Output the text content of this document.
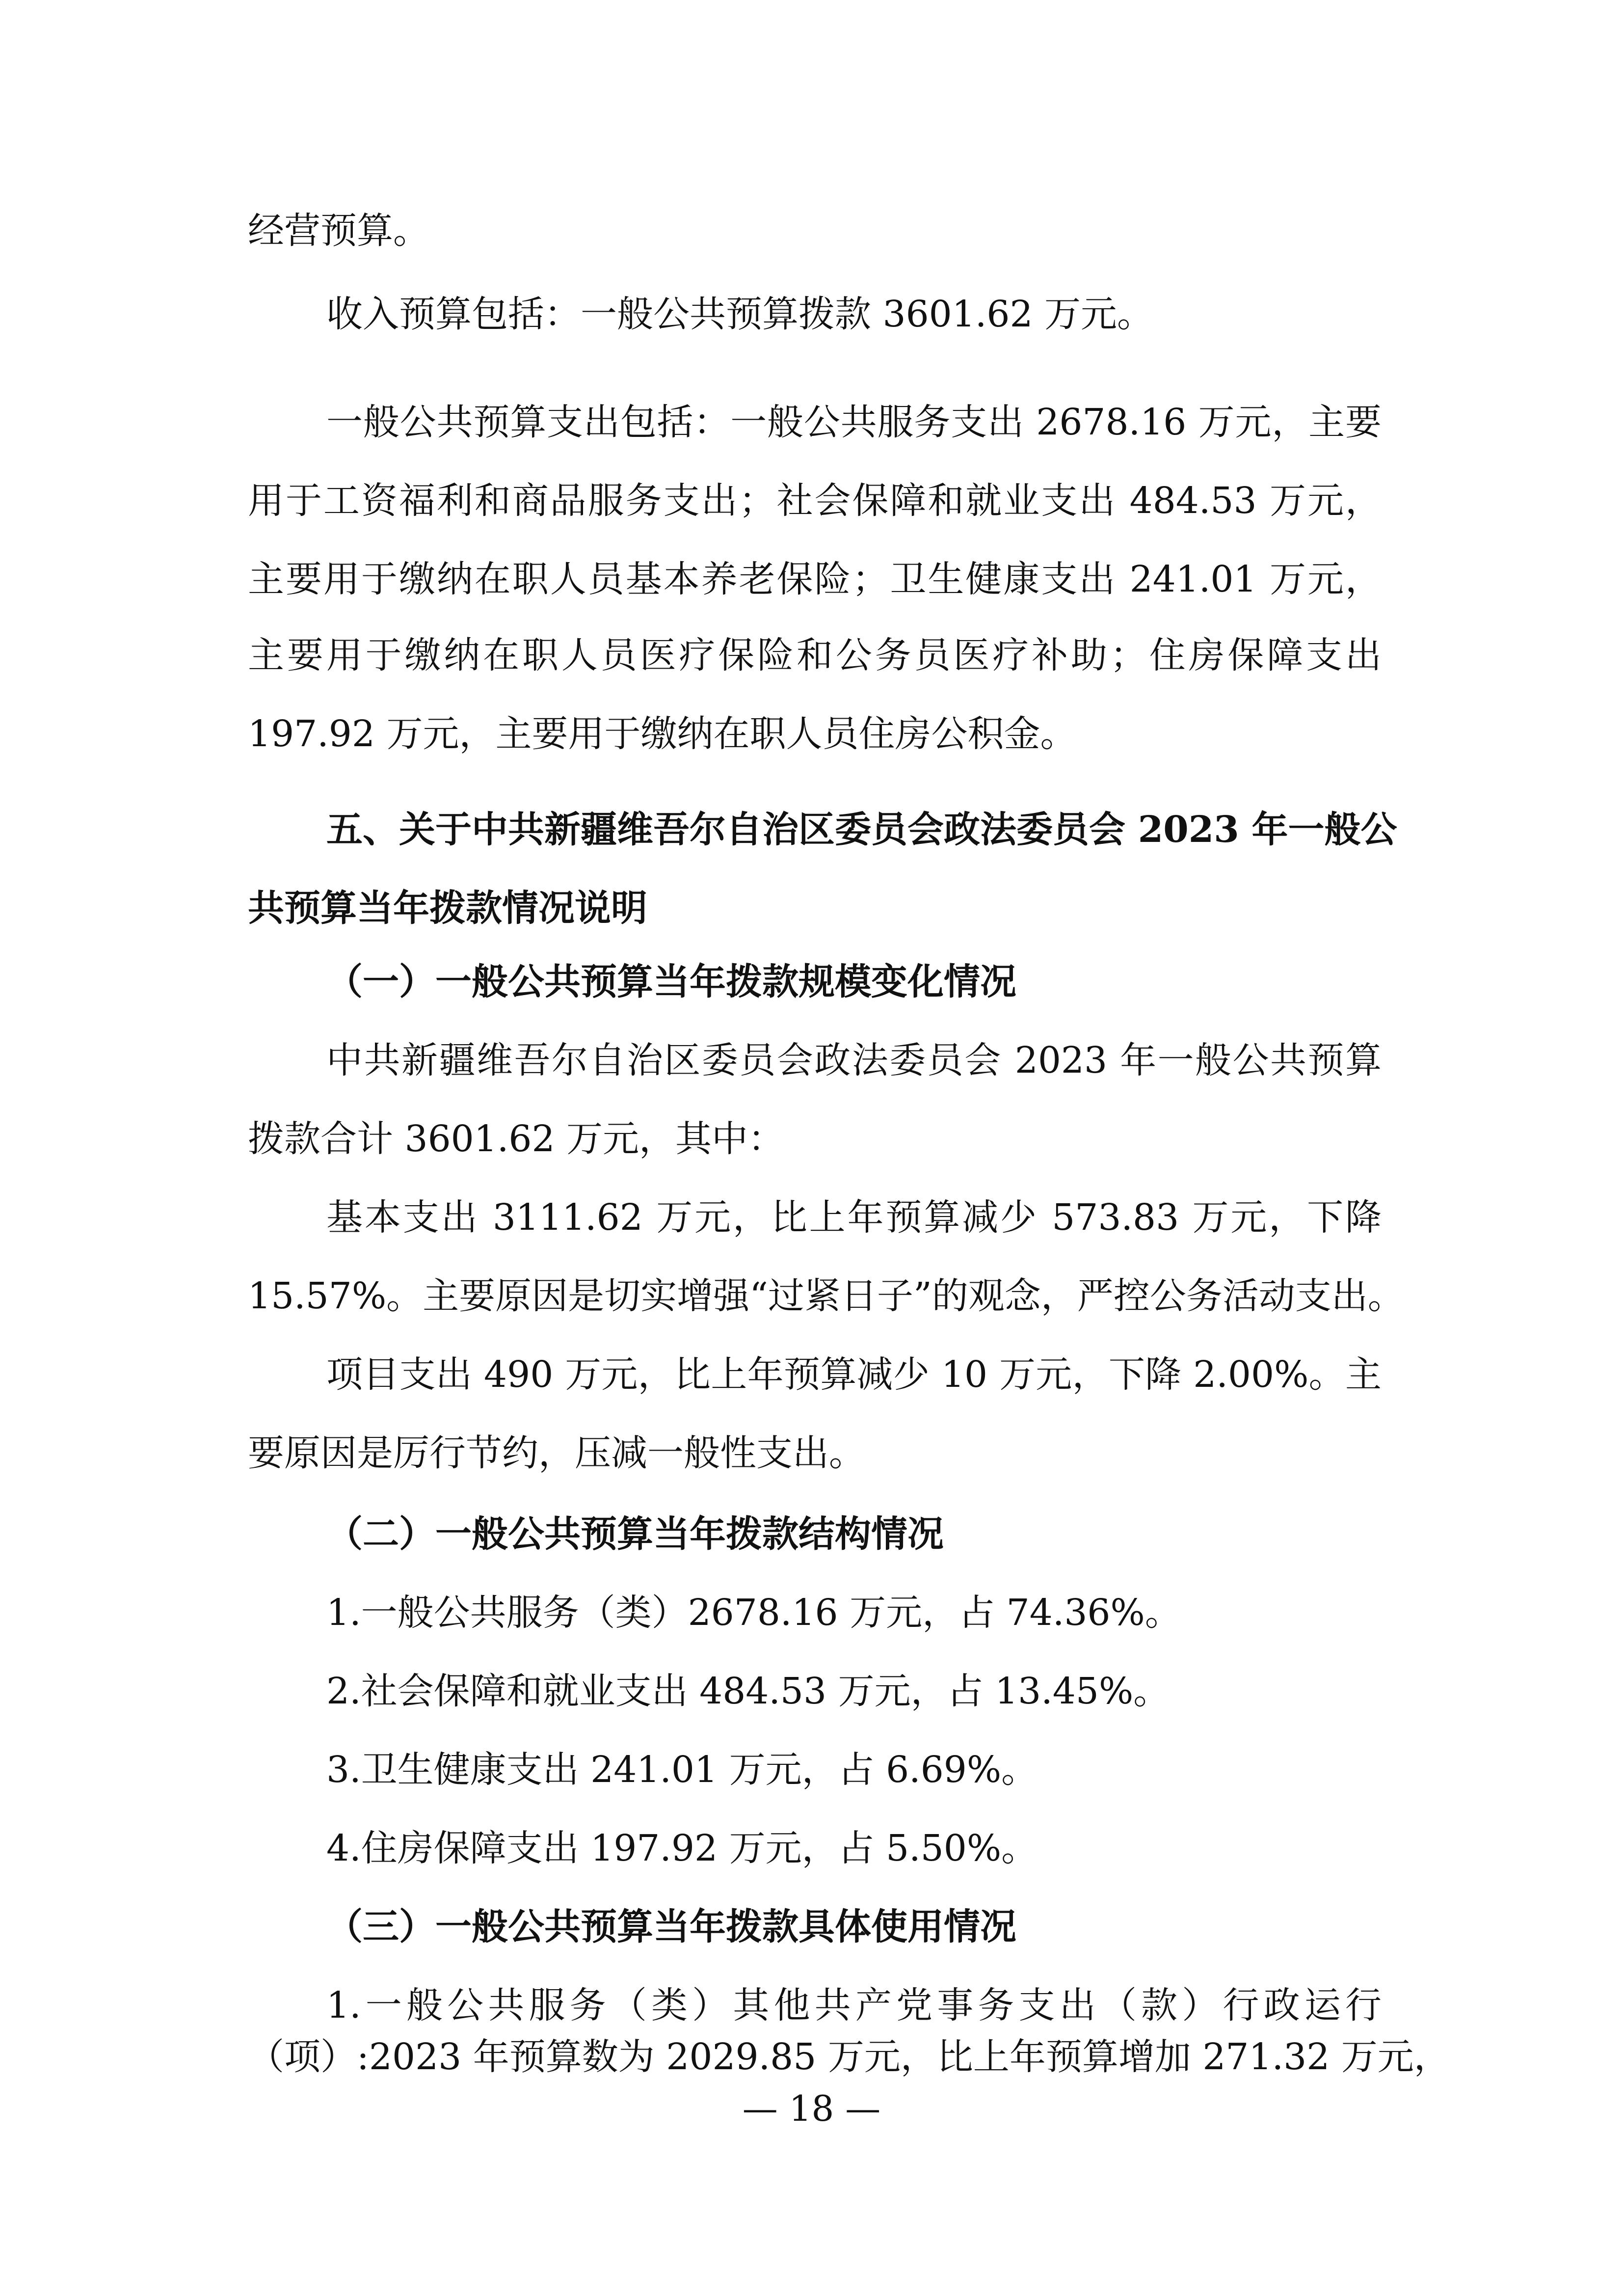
经营预算。

收入预算包括：一般公共预算拨款 3601.62 万元。

一般公共预算支出包括：一般公共服务支出 2678.16 万元，主要

用于工资福利和商品服务支出；社会保障和就业支出 484.53 万元，

主要用于缴纳在职人员基本养老保险；卫生健康支出 241.01 万元，

主要用于缴纳在职人员医疗保险和公务员医疗补助；住房保障支出

197.92 万元，主要用于缴纳在职人员住房公积金。

五、关于中共新疆维吾尔自治区委员会政法委员会 2023 年一般公

共预算当年拨款情况说明

（一）一般公共预算当年拨款规模变化情况

中共新疆维吾尔自治区委员会政法委员会 2023 年一般公共预算

拨款合计 3601.62 万元，其中：

基本支出 3111.62 万元，比上年预算减少 573.83 万元，下降

15.57%。主要原因是切实增强“过紧日子”的观念，严控公务活动支出。

项目支出 490 万元，比上年预算减少 10 万元，下降 2.00%。主

要原因是厉行节约，压减一般性支出。

（二）一般公共预算当年拨款结构情况

1.一般公共服务（类）2678.16 万元，占 74.36%。

2.社会保障和就业支出 484.53 万元，占 13.45%。

3.卫生健康支出 241.01 万元，占 6.69%。

4.住房保障支出 197.92 万元，占 5.50%。

（三）一般公共预算当年拨款具体使用情况

1.一般公共服务（类）其他共产党事务支出（款）行政运行

（项）:2023 年预算数为 2029.85 万元，比上年预算增加 271.32 万元，

— 18 —
